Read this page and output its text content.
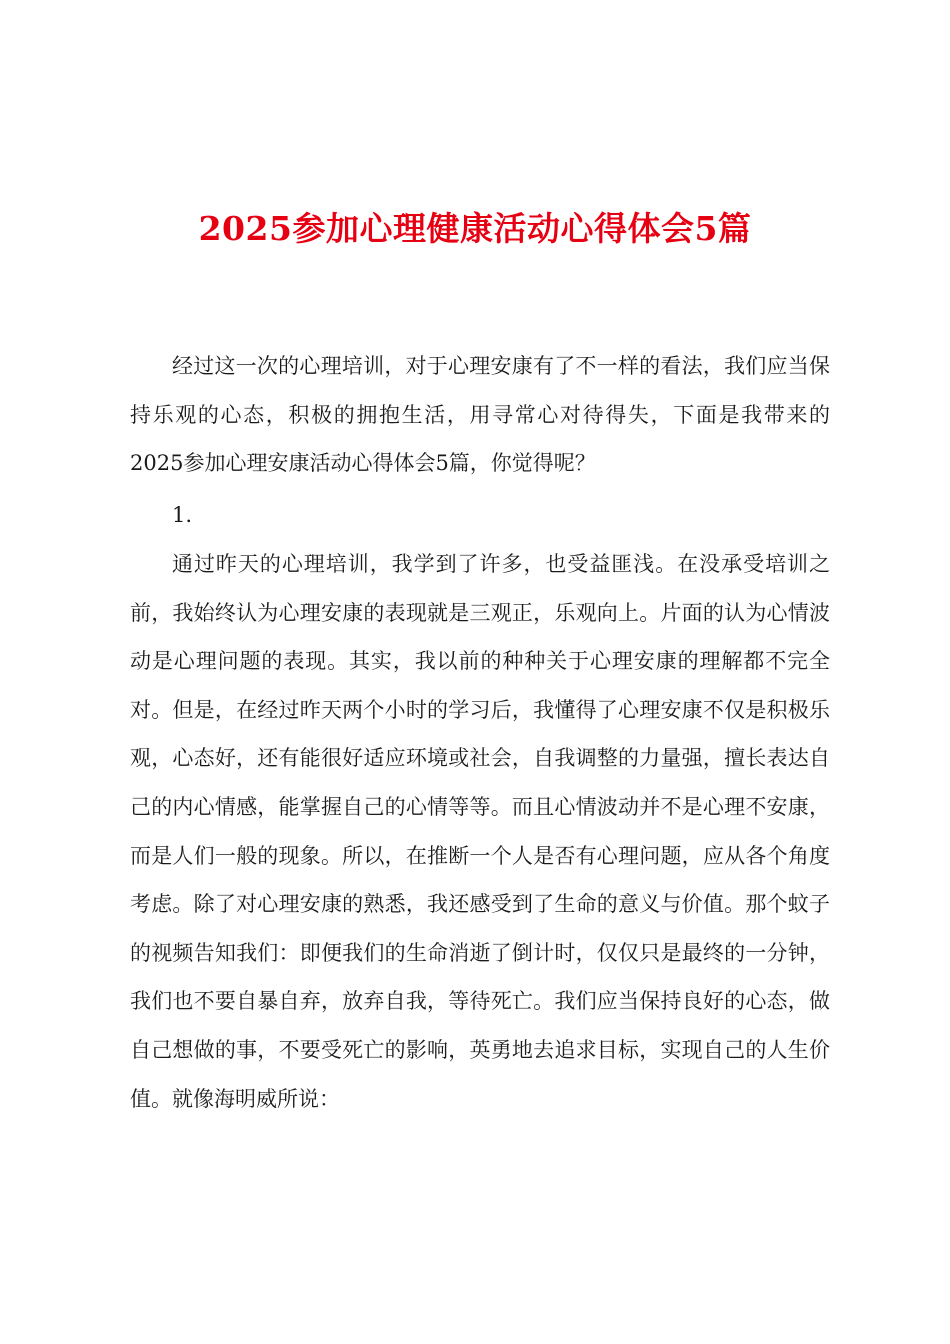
2025参加心理健康活动心得体会5篇

经过这一次的心理培训，对于心理安康有了不一样的看法，我们应当保持乐观的心态，积极的拥抱生活，用寻常心对待得失，下面是我带来的2025参加心理安康活动心得体会5篇，你觉得呢？

1.

通过昨天的心理培训，我学到了许多，也受益匪浅。在没承受培训之前，我始终认为心理安康的表现就是三观正，乐观向上。片面的认为心情波动是心理问题的表现。其实，我以前的种种关于心理安康的理解都不完全对。但是，在经过昨天两个小时的学习后，我懂得了心理安康不仅是积极乐观，心态好，还有能很好适应环境或社会，自我调整的力量强，擅长表达自己的内心情感，能掌握自己的心情等等。而且心情波动并不是心理不安康，而是人们一般的现象。所以，在推断一个人是否有心理问题，应从各个角度考虑。除了对心理安康的熟悉，我还感受到了生命的意义与价值。那个蚊子的视频告知我们：即便我们的生命消逝了倒计时，仅仅只是最终的一分钟，我们也不要自暴自弃，放弃自我，等待死亡。我们应当保持良好的心态，做自己想做的事，不要受死亡的影响，英勇地去追求目标，实现自己的人生价值。就像海明威所说：
